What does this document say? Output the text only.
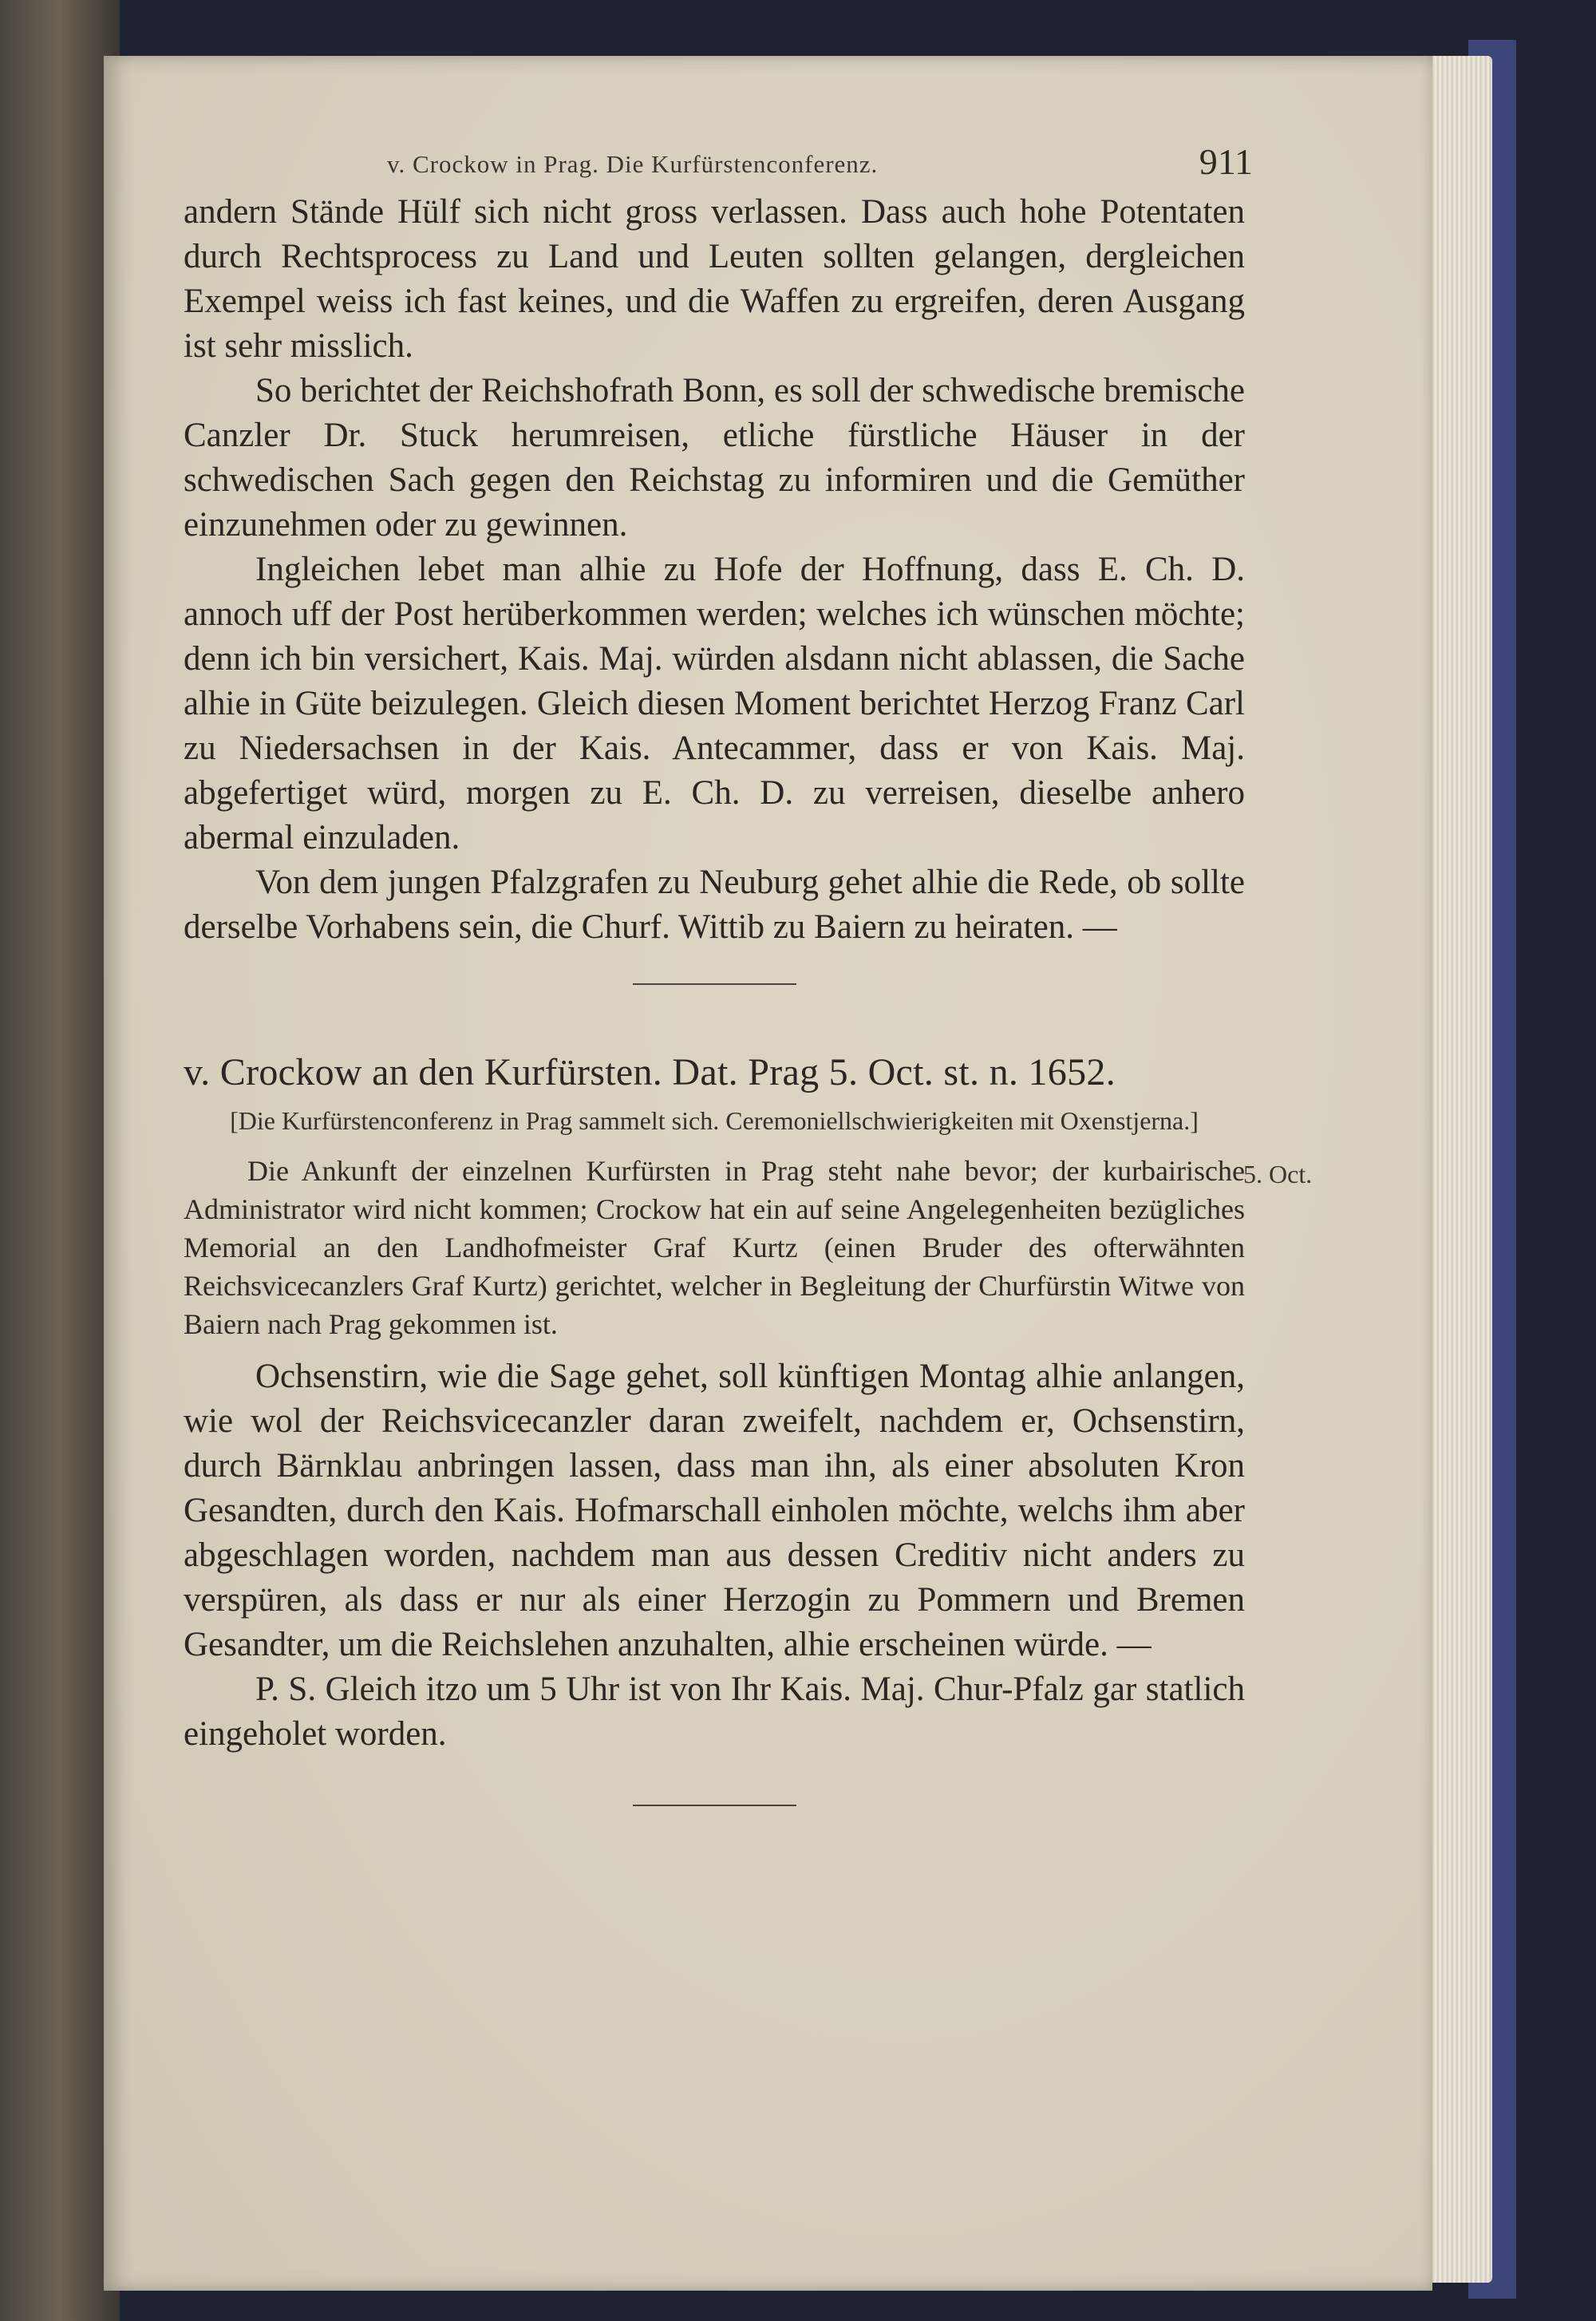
v. Crockow in Prag. Die Kurfürstenconferenz.	911

andern Stände Hülf sich nicht gross verlassen. Dass auch hohe Potentaten durch Rechtsprocess zu Land und Leuten sollten gelangen, dergleichen Exempel weiss ich fast keines, und die Waffen zu ergreifen, deren Ausgang ist sehr misslich.

So berichtet der Reichshofrath Bonn, es soll der schwedische bremische Canzler Dr. Stuck herumreisen, etliche fürstliche Häuser in der schwedischen Sach gegen den Reichstag zu informiren und die Gemüther einzunehmen oder zu gewinnen.

Ingleichen lebet man alhie zu Hofe der Hoffnung, dass E. Ch. D. annoch uff der Post herüberkommen werden; welches ich wünschen möchte; denn ich bin versichert, Kais. Maj. würden alsdann nicht ablassen, die Sache alhie in Güte beizulegen. Gleich diesen Moment berichtet Herzog Franz Carl zu Niedersachsen in der Kais. Antecammer, dass er von Kais. Maj. abgefertiget würd, morgen zu E. Ch. D. zu verreisen, dieselbe anhero abermal einzuladen.

Von dem jungen Pfalzgrafen zu Neuburg gehet alhie die Rede, ob sollte derselbe Vorhabens sein, die Churf. Wittib zu Baiern zu heiraten. —

v. Crockow an den Kurfürsten. Dat. Prag 5. Oct. st. n. 1652.
[Die Kurfürstenconferenz in Prag sammelt sich. Ceremoniellschwierigkeiten mit Oxenstjerna.]
5. Oct.

Die Ankunft der einzelnen Kurfürsten in Prag steht nahe bevor; der kurbairische Administrator wird nicht kommen; Crockow hat ein auf seine Angelegenheiten bezügliches Memorial an den Landhofmeister Graf Kurtz (einen Bruder des ofterwähnten Reichsvicecanzlers Graf Kurtz) gerichtet, welcher in Begleitung der Churfürstin Witwe von Baiern nach Prag gekommen ist.

Ochsenstirn, wie die Sage gehet, soll künftigen Montag alhie anlangen, wie wol der Reichsvicecanzler daran zweifelt, nachdem er, Ochsenstirn, durch Bärnklau anbringen lassen, dass man ihn, als einer absoluten Kron Gesandten, durch den Kais. Hofmarschall einholen möchte, welchs ihm aber abgeschlagen worden, nachdem man aus dessen Creditiv nicht anders zu verspüren, als dass er nur als einer Herzogin zu Pommern und Bremen Gesandter, um die Reichslehen anzuhalten, alhie erscheinen würde. —

P. S. Gleich itzo um 5 Uhr ist von Ihr Kais. Maj. Chur-Pfalz gar statlich eingeholet worden.
